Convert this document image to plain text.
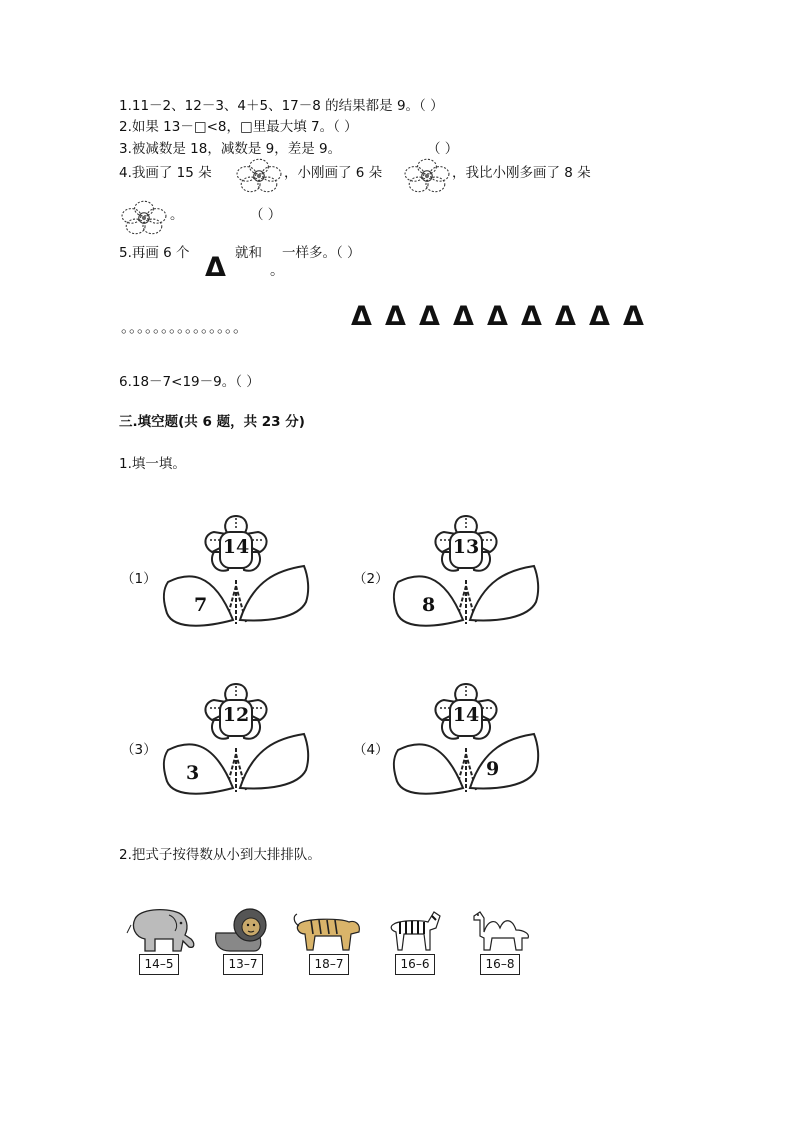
1.11－2、12－3、4＋5、17－8 的结果都是 9。（ ）
2.如果 13－□<8，□里最大填 7。（ ）
3.被减数是 18，减数是 9，差是 9。	（ ）
4.我画了 15 朵	，小刚画了 6 朵	，我比小刚多画了 8 朵
。	（ ）
5.再画 6 个 Δ 就和
。
一样多。（ ）
。。。。。。。。。。。。。。。	Δ Δ Δ Δ Δ Δ Δ Δ Δ
6.18－7<19－9。（ ）
三.填空题(共 6 题，共 23 分)
1.填一填。
（1）
14
7
（2）
13
8
（3）
12
3
（4）
14
9
2.把式子按得数从小到大排排队。
14–5	13–7	18–7	16–6	16–8
